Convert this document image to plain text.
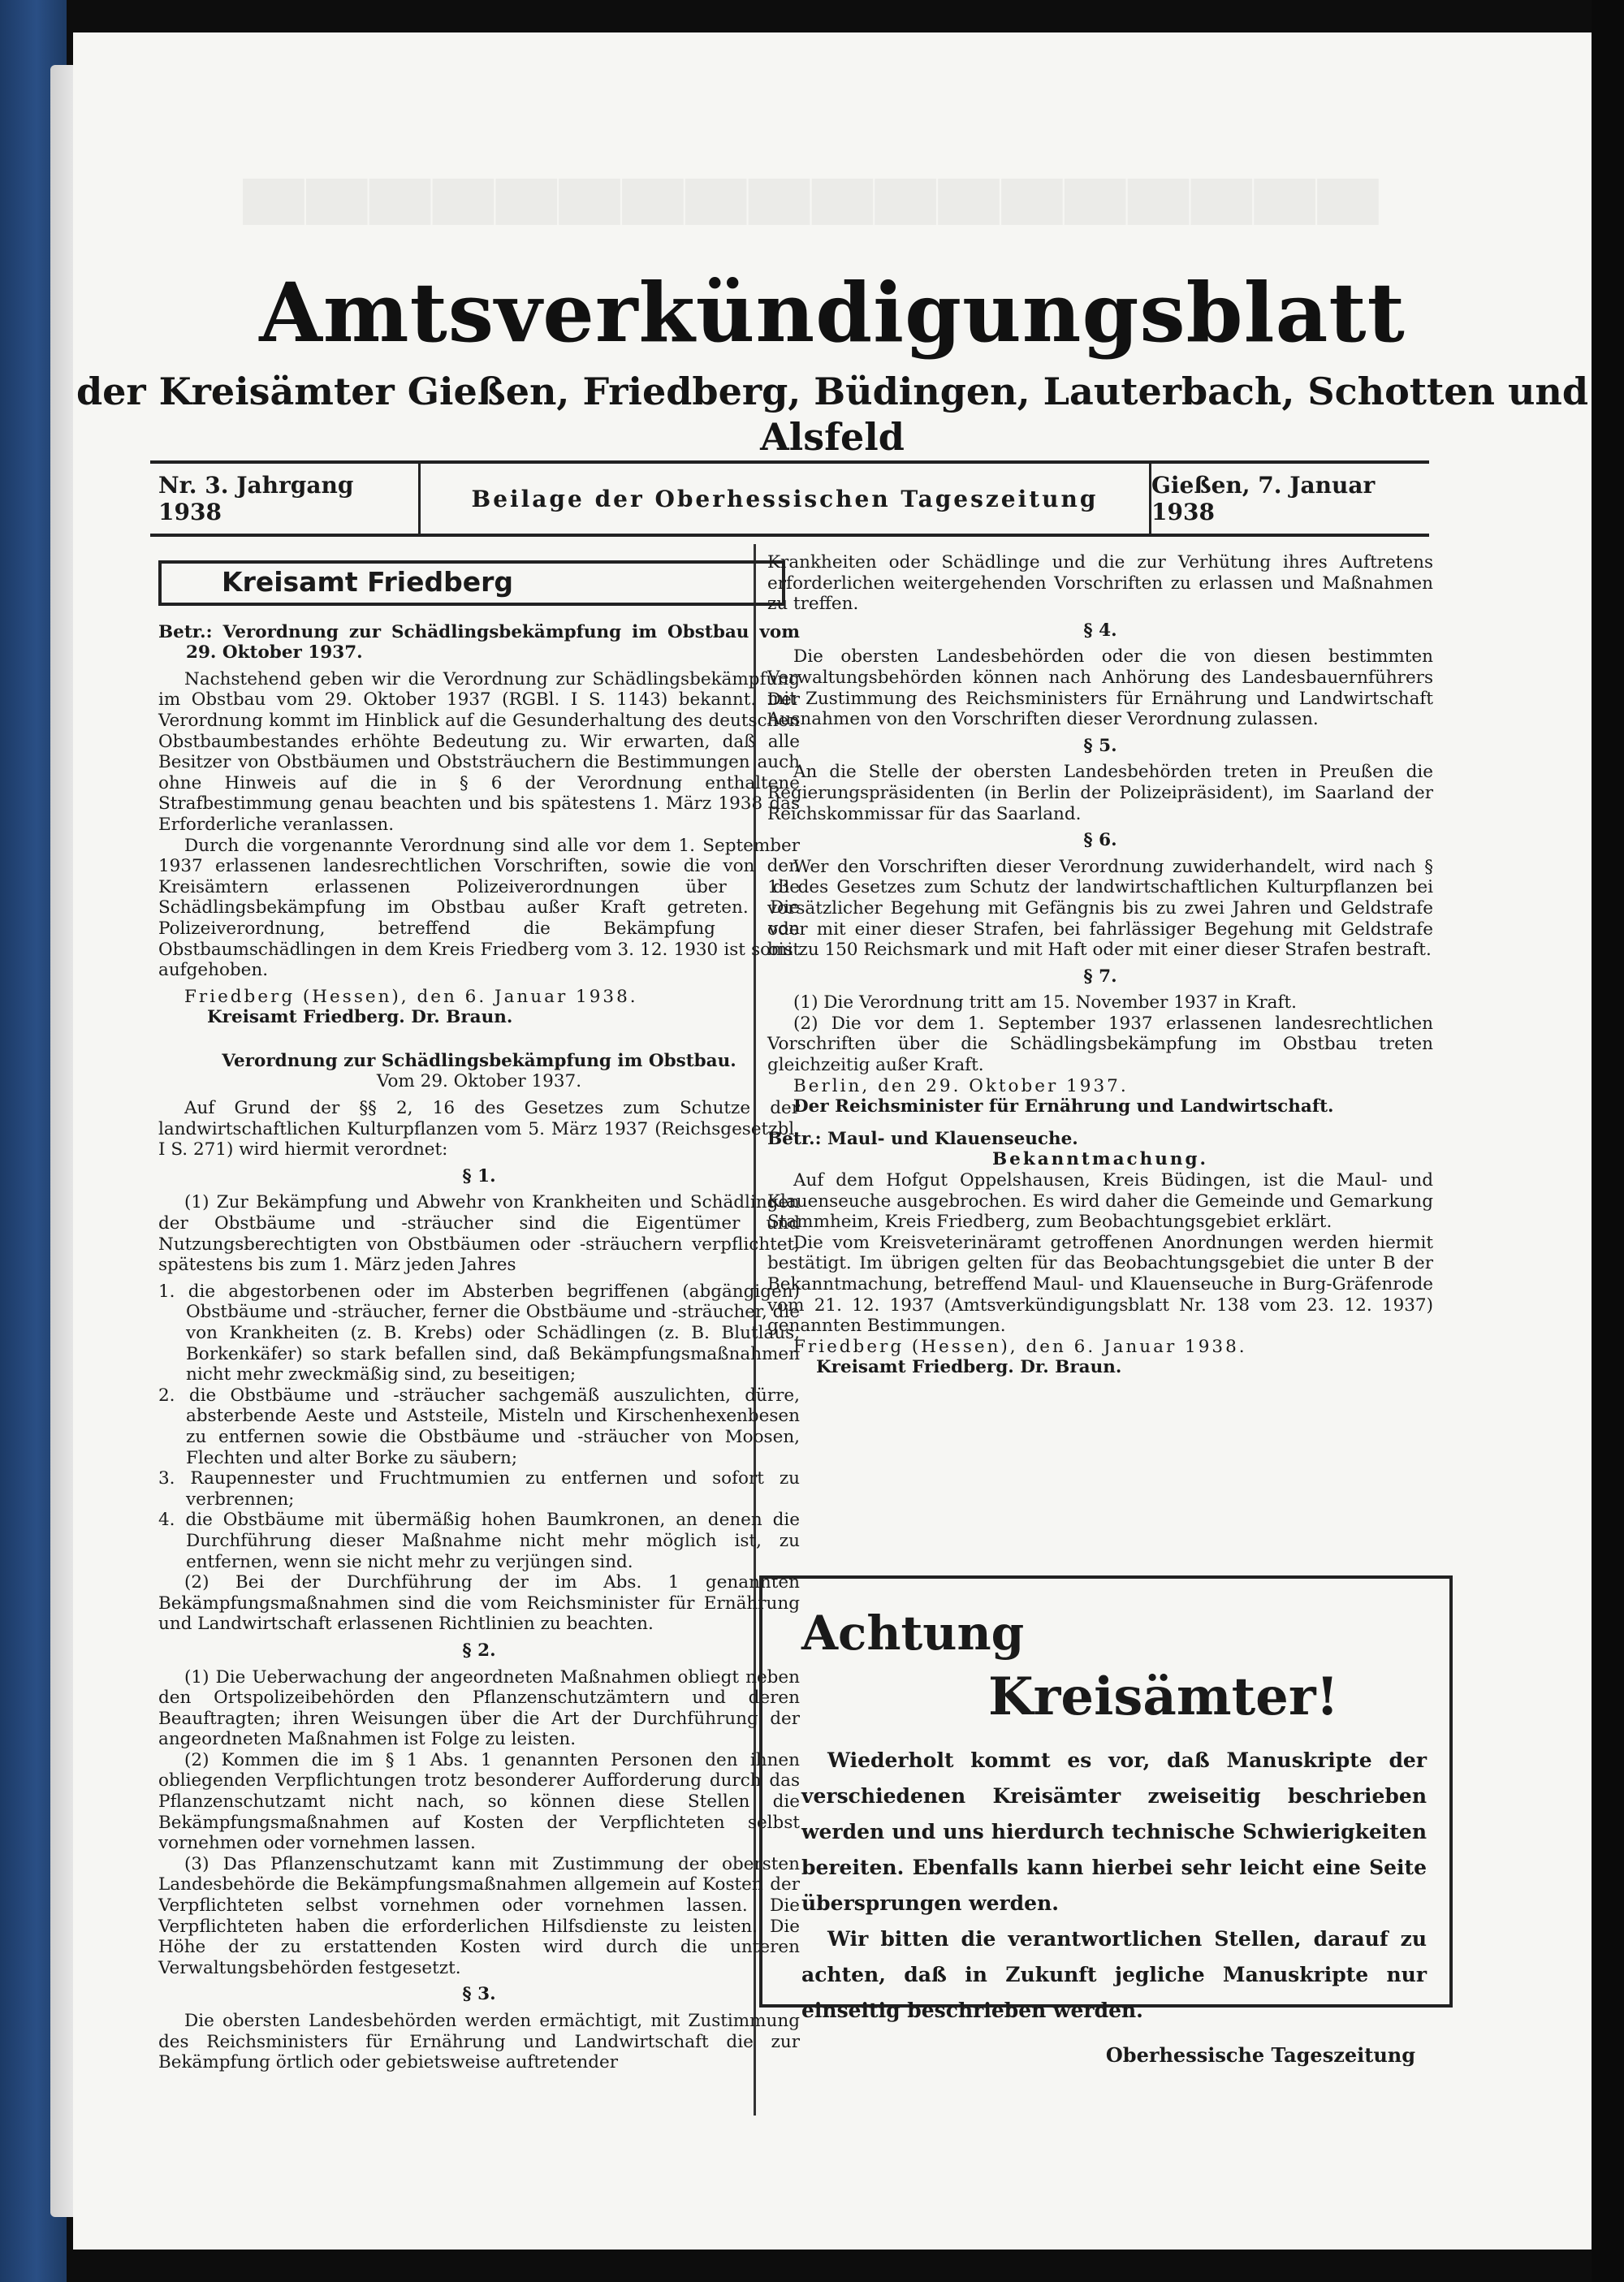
Amtsverkündigungsblatt

der Kreisämter Gießen, Friedberg, Büdingen, Lauterbach, Schotten und Alsfeld

Nr. 3. Jahrgang 1938	Beilage der Oberhessischen Tageszeitung	Gießen, 7. Januar 1938
Kreisamt Friedberg

Betr.: Verordnung zur Schädlingsbekämpfung im Obstbau vom 29. Oktober 1937.

Nachstehend geben wir die Verordnung zur Schädlingsbekämpfung im Obstbau vom 29. Oktober 1937 (RGBl. I S. 1143) bekannt. Der Verordnung kommt im Hinblick auf die Gesunderhaltung des deutschen Obstbaumbestandes erhöhte Bedeutung zu. Wir erwarten, daß alle Besitzer von Obstbäumen und Obststräuchern die Bestimmungen auch ohne Hinweis auf die in § 6 der Verordnung enthaltene Strafbestimmung genau beachten und bis spätestens 1. März 1938 das Erforderliche veranlassen.

Durch die vorgenannte Verordnung sind alle vor dem 1. September 1937 erlassenen landesrechtlichen Vorschriften, sowie die von den Kreisämtern erlassenen Polizeiverordnungen über die Schädlingsbekämpfung im Obstbau außer Kraft getreten. Die Polizeiverordnung, betreffend die Bekämpfung von Obstbaumschädlingen in dem Kreis Friedberg vom 3. 12. 1930 ist somit aufgehoben.

Friedberg (Hessen), den 6. Januar 1938.

Kreisamt Friedberg. Dr. Braun.

Verordnung zur Schädlingsbekämpfung im Obstbau.

Vom 29. Oktober 1937.

Auf Grund der §§ 2, 16 des Gesetzes zum Schutze der landwirtschaftlichen Kulturpflanzen vom 5. März 1937 (Reichsgesetzbl. I S. 271) wird hiermit verordnet:

§ 1.

(1) Zur Bekämpfung und Abwehr von Krankheiten und Schädlingen der Obstbäume und -sträucher sind die Eigentümer und Nutzungsberechtigten von Obstbäumen oder -sträuchern verpflichtet, spätestens bis zum 1. März jeden Jahres

1. die abgestorbenen oder im Absterben begriffenen (abgängigen) Obstbäume und -sträucher, ferner die Obstbäume und -sträucher, die von Krankheiten (z. B. Krebs) oder Schädlingen (z. B. Blutlaus, Borkenkäfer) so stark befallen sind, daß Bekämpfungsmaßnahmen nicht mehr zweckmäßig sind, zu beseitigen;

2. die Obstbäume und -sträucher sachgemäß auszulichten, dürre, absterbende Aeste und Aststeile, Misteln und Kirschenhexenbesen zu entfernen sowie die Obstbäume und -sträucher von Moosen, Flechten und alter Borke zu säubern;

3. Raupennester und Fruchtmumien zu entfernen und sofort zu verbrennen;

4. die Obstbäume mit übermäßig hohen Baumkronen, an denen die Durchführung dieser Maßnahme nicht mehr möglich ist, zu entfernen, wenn sie nicht mehr zu verjüngen sind.

(2) Bei der Durchführung der im Abs. 1 genannten Bekämpfungsmaßnahmen sind die vom Reichsminister für Ernährung und Landwirtschaft erlassenen Richtlinien zu beachten.

§ 2.

(1) Die Ueberwachung der angeordneten Maßnahmen obliegt neben den Ortspolizeibehörden den Pflanzenschutzämtern und deren Beauftragten; ihren Weisungen über die Art der Durchführung der angeordneten Maßnahmen ist Folge zu leisten.

(2) Kommen die im § 1 Abs. 1 genannten Personen den ihnen obliegenden Verpflichtungen trotz besonderer Aufforderung durch das Pflanzenschutzamt nicht nach, so können diese Stellen die Bekämpfungsmaßnahmen auf Kosten der Verpflichteten selbst vornehmen oder vornehmen lassen.

(3) Das Pflanzenschutzamt kann mit Zustimmung der obersten Landesbehörde die Bekämpfungsmaßnahmen allgemein auf Kosten der Verpflichteten selbst vornehmen oder vornehmen lassen. Die Verpflichteten haben die erforderlichen Hilfsdienste zu leisten. Die Höhe der zu erstattenden Kosten wird durch die unteren Verwaltungsbehörden festgesetzt.

§ 3.

Die obersten Landesbehörden werden ermächtigt, mit Zustimmung des Reichsministers für Ernährung und Landwirtschaft die zur Bekämpfung örtlich oder gebietsweise auftretender

Krankheiten oder Schädlinge und die zur Verhütung ihres Auftretens erforderlichen weitergehenden Vorschriften zu erlassen und Maßnahmen zu treffen.

§ 4.

Die obersten Landesbehörden oder die von diesen bestimmten Verwaltungsbehörden können nach Anhörung des Landesbauernführers mit Zustimmung des Reichsministers für Ernährung und Landwirtschaft Ausnahmen von den Vorschriften dieser Verordnung zulassen.

§ 5.

An die Stelle der obersten Landesbehörden treten in Preußen die Regierungspräsidenten (in Berlin der Polizeipräsident), im Saarland der Reichskommissar für das Saarland.

§ 6.

Wer den Vorschriften dieser Verordnung zuwiderhandelt, wird nach § 13 des Gesetzes zum Schutz der landwirtschaftlichen Kulturpflanzen bei vorsätzlicher Begehung mit Gefängnis bis zu zwei Jahren und Geldstrafe oder mit einer dieser Strafen, bei fahrlässiger Begehung mit Geldstrafe bis zu 150 Reichsmark und mit Haft oder mit einer dieser Strafen bestraft.

§ 7.

(1) Die Verordnung tritt am 15. November 1937 in Kraft.

(2) Die vor dem 1. September 1937 erlassenen landesrechtlichen Vorschriften über die Schädlingsbekämpfung im Obstbau treten gleichzeitig außer Kraft.

Berlin, den 29. Oktober 1937.

Der Reichsminister für Ernährung und Landwirtschaft.

Betr.: Maul- und Klauenseuche.

Bekanntmachung.

Auf dem Hofgut Oppelshausen, Kreis Büdingen, ist die Maul- und Klauenseuche ausgebrochen. Es wird daher die Gemeinde und Gemarkung Stammheim, Kreis Friedberg, zum Beobachtungsgebiet erklärt.

Die vom Kreisveterinäramt getroffenen Anordnungen werden hiermit bestätigt. Im übrigen gelten für das Beobachtungsgebiet die unter B der Bekanntmachung, betreffend Maul- und Klauenseuche in Burg-Gräfenrode vom 21. 12. 1937 (Amtsverkündigungsblatt Nr. 138 vom 23. 12. 1937) genannten Bestimmungen.

Friedberg (Hessen), den 6. Januar 1938.

Kreisamt Friedberg. Dr. Braun.

Achtung

Kreisämter!

Wiederholt kommt es vor, daß Manuskripte der verschiedenen Kreisämter zweiseitig beschrieben werden und uns hierdurch technische Schwierigkeiten bereiten. Ebenfalls kann hierbei sehr leicht eine Seite übersprungen werden.

Wir bitten die verantwortlichen Stellen, darauf zu achten, daß in Zukunft jegliche Manuskripte nur einseitig beschrieben werden.

Oberhessische Tageszeitung
